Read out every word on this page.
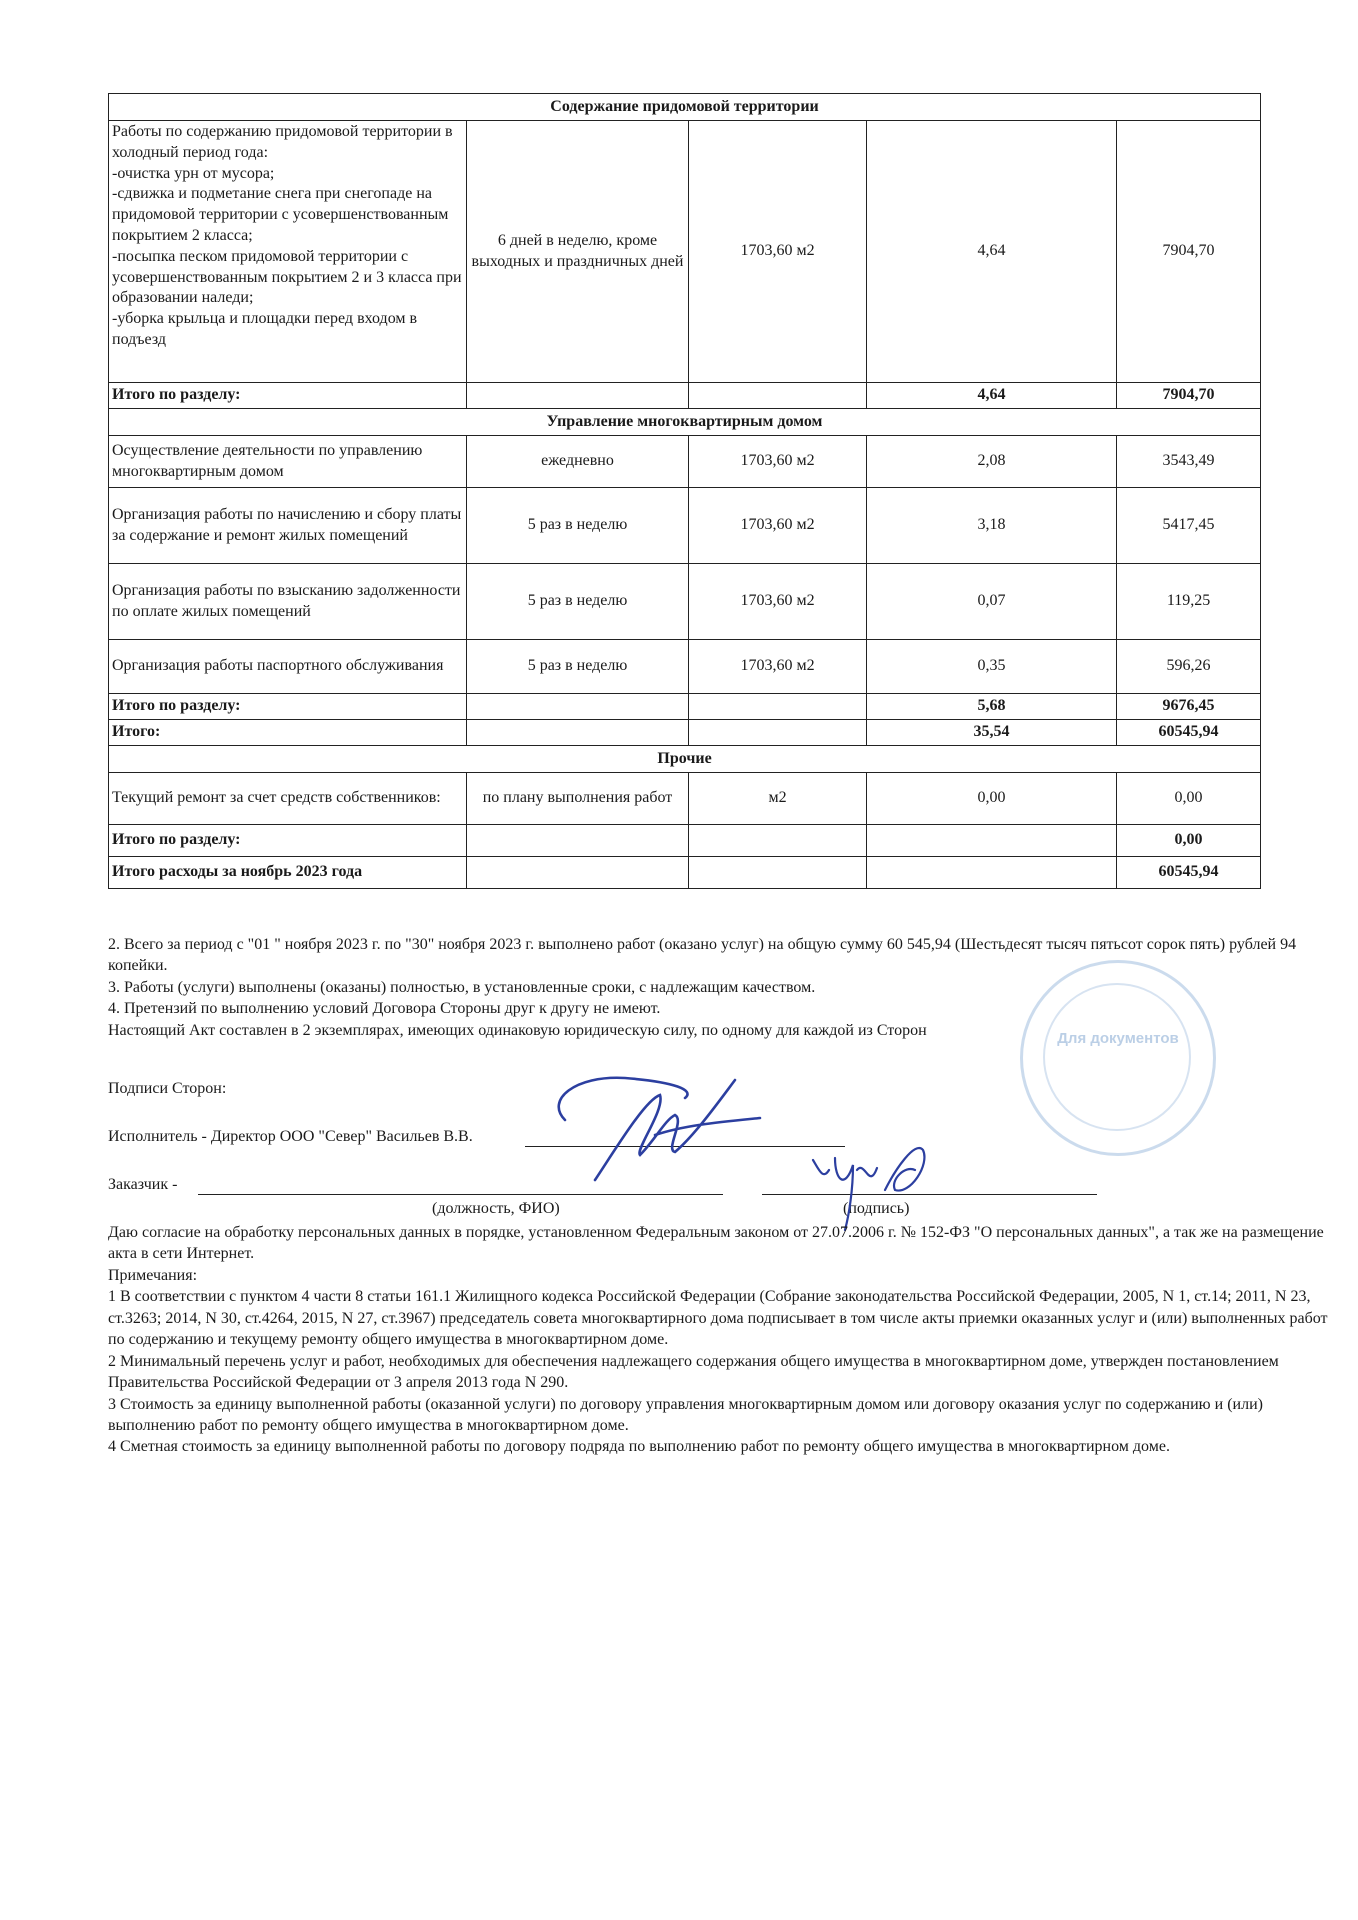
Содержание придомовой территории				

Работы по содержанию придомовой территории в холодный период года:
-очистка урн от мусора;
-сдвижка и подметание снега при снегопаде на придомовой территории с усовершенствованным покрытием 2 класса;
-посыпка песком придомовой территории с усовершенствованным покрытием 2 и 3 класса при образовании наледи;
-уборка крыльца и площадки перед входом в подъезд	6 дней в неделю, кроме выходных и праздничных дней	1703,60 м2	4,64	7904,70
Итого по разделу:			4,64	7904,70
Управление многоквартирным домом				
Осуществление деятельности по управлению многоквартирным домом	ежедневно	1703,60 м2	2,08	3543,49
Организация работы по начислению и сбору платы за содержание и ремонт жилых помещений	5 раз в неделю	1703,60 м2	3,18	5417,45
Организация работы по взысканию задолженности по оплате жилых помещений	5 раз в неделю	1703,60 м2	0,07	119,25
Организация работы паспортного обслуживания	5 раз в неделю	1703,60 м2	0,35	596,26
Итого по разделу:			5,68	9676,45
Итого:			35,54	60545,94
Прочие				
Текущий ремонт за счет средств собственников:	по плану выполнения работ	м2	0,00	0,00
Итого по разделу:				0,00
Итого расходы за ноябрь 2023 года				60545,94

2. Всего за период с "01 " ноября 2023 г. по "30" ноября 2023 г. выполнено работ (оказано услуг) на общую сумму 60 545,94 (Шестьдесят тысяч пятьсот сорок пять) рублей 94 копейки.

3. Работы (услуги) выполнены (оказаны) полностью, в установленные сроки, с надлежащим качеством.

4. Претензий по выполнению условий Договора Стороны друг к другу не имеют.

Настоящий Акт составлен в 2 экземплярах, имеющих одинаковую юридическую силу, по одному для каждой из Сторон	Для документов
Подписи Сторон:
Исполнитель - Директор ООО "Север" Васильев В.В.
Заказчик -
(должность, ФИО)	(подпись)

Даю согласие на обработку персональных данных в порядке, установленном Федеральным законом от 27.07.2006 г. № 152-ФЗ "О персональных данных", а так же на размещение акта в сети Интернет.

Примечания:

1 В соответствии с пунктом 4 части 8 статьи 161.1 Жилищного кодекса Российской Федерации (Собрание законодательства Российской Федерации, 2005, N 1, ст.14; 2011, N 23, ст.3263; 2014, N 30, ст.4264, 2015, N 27, ст.3967) председатель совета многоквартирного дома подписывает в том числе акты приемки оказанных услуг и (или) выполненных работ по содержанию и текущему ремонту общего имущества в многоквартирном доме.

2 Минимальный перечень услуг и работ, необходимых для обеспечения надлежащего содержания общего имущества в многоквартирном доме, утвержден постановлением Правительства Российской Федерации от 3 апреля 2013 года N 290.

3 Стоимость за единицу выполненной работы (оказанной услуги) по договору управления многоквартирным домом или договору оказания услуг по содержанию и (или) выполнению работ по ремонту общего имущества в многоквартирном доме.

4 Сметная стоимость за единицу выполненной работы по договору подряда по выполнению работ по ремонту общего имущества в многоквартирном доме.
